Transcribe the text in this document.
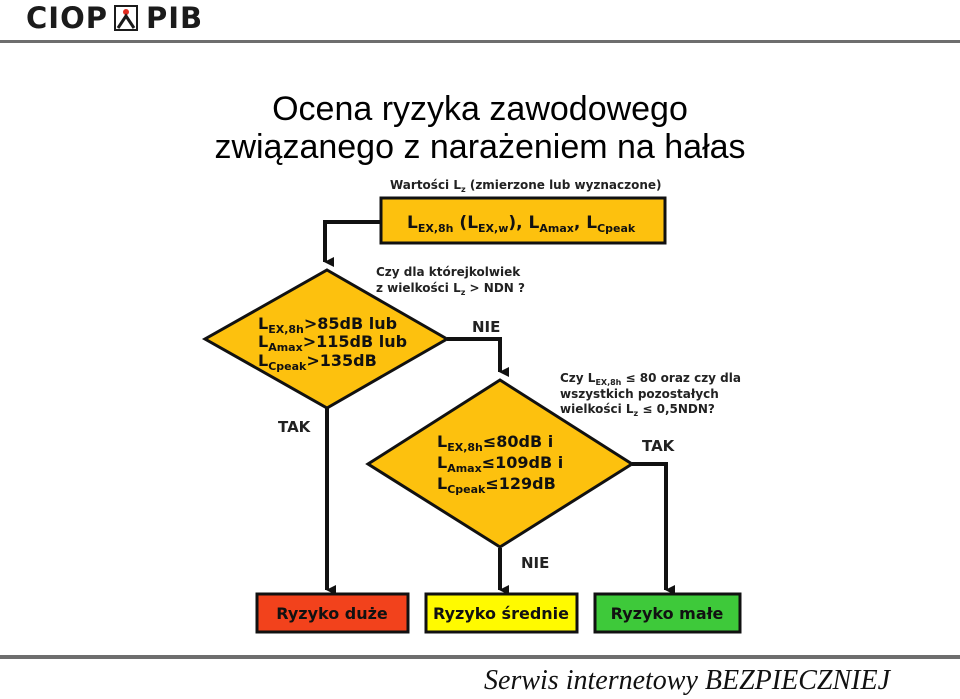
CIOP PIB
Ocena ryzyka zawodowego
związanego z narażeniem na hałas
Wartości $L_z$ (zmierzone lub wyznaczone)
$L_{EX,8h}$ $(L_{EX,w})$, $L_{Amax}$, $L_{Cpeak}$
Czy dla którejkolwiek z wielkości $L_z$ > NDN ?
$L_{EX,8h}>85dB$ lub $L_{Amax}>115dB$ lub $L_{Cpeak}>135dB$
Czy $L_{EX,8h} \le 80$ oraz czy dla wszystkich pozostałych wielkości $L_z \le 0,5NDN$?
$L_{EX,8h}\le 80dB$ i $L_{Amax}\le 109dB$ i $L_{Cpeak}\le 129dB$
NIE
TAK
TAK
NIE
Ryzyko duże	Ryzyko średnie	Ryzyko małe
Serwis internetowy BEZPIECZNIEJ
